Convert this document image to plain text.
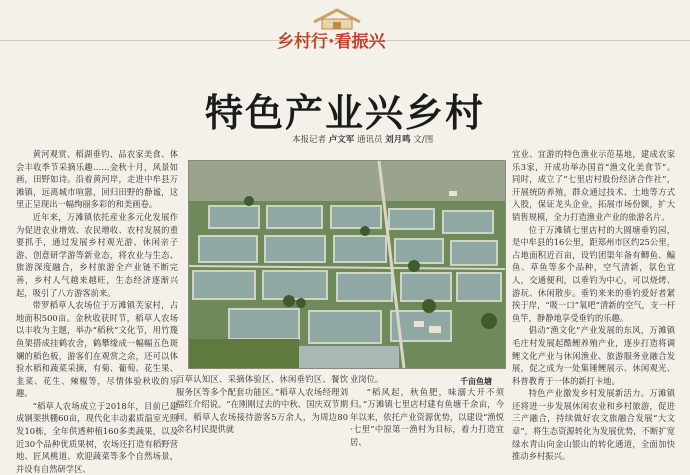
乡村行·看振兴
特色产业兴乡村
本报记者 卢文军 通讯员 刘月鸣 文/图

黄河观赏、稻湖垂钓、品农家美食、体会丰收季节采摘乐趣……金秋十月，风景如画，田野如诗。沿着黄河岸，走进中牟县万滩镇，远离城市喧嚣，回归田野的静谧，这里正呈现出一幅绚丽多彩的和美画卷。

近年来，万滩镇依托産业多元化发展作为促进农业增效、农民增收、农村发展的重要抓手，通过发展乡村观光游、休闲亲子游、创意研学游等新业态，将农业与生态、旅游深度融合，乡村旅游全产业链不断完善，乡村人气越来越旺，生态经济逐渐兴起，吸引了八方游客前来。

带罗稻草人农场位于万滩镇芙家村，占地面积500亩。金秋收获时节，稻草人农场以丰收为主题，举办“稻秋”文化节，用竹篾鱼架搭成挂鹤农舍，鹤攀缘成一幅幅五色斑斓的稻色板，游客们在观赏之余，还可以体验水稻和蔬菜采摘，有菊、葡萄、花生果、韭菜、花生、辣椒等，尽情体验秋收的乐趣。

“稻草人农场成立于2018年，目前已建成钢架拱棚60亩，现代化丰动素质温室光照发10栋，全年供透种植160多类蔬果，以及近30个品种优质果树，农场还打造有稻野营地、匠风桃道、欢迎蔬菜等多个自然场景，并设有自然研学区、

千亩鱼塘

百草认知区、采摘体验区、休闲垂钓区、餐饮服务区等多个配套功能区。”稻草人农场经理刘福红介绍说。“在刚刚过去的中秋、国庆双节期间，稻草人农场接待游客5万余人，为周边80余名村民提供就

业岗位。

“稻风起，秋鱼肥，味溺大开不须归。”万滩镇七里店村建有鱼塘千余亩，今年以来，依托产业资源优势，以建设“渔悦·七里”中原第一渔村为目标，着力打造宜居、

宜业、宜游的特色渔业示范基地，建成农家乐3家，开成功举办国首“渔文化美食节”。同时，成立了“七里店村股份经济合作社”，开展统防养殖，群众通过技术、土地等方式入股，保证龙头企业，拓展市场份额，扩大销售规模，全力打造渔业产业的旅游名片。

位于万滩镇七里店村的大圆塘垂钓园，是中牟县的16公里，距郑州市区约25公里，占地面积近百亩，设钓团渠年备有鲫鱼、鳊鱼、草鱼等多个品种，空气清新，氛色宜人，交通便利，以垂钓为中心，可以烧烤、游玩、休闲散步。垂钓来来的垂钓爱好者紧挨于岸，“吸一口”氧吧“清新的空气，支一杆鱼竿，静静地享受垂钓的乐趣。

倡动“渔文化”产业发展的东风，万滩镇毛庄村发展起酷鲤养殖产业，逐步打造将调鲤文化产业与休闲渔业、旅游服务业融合发展，促之成为一处集锤鲤展示、休闲观光、科普教育于一体的新打卡地。

特色产业激发乡村发展新活力。万滩镇还将进一步发展休闲农业和乡村旅游，促进三产融合，持续做好农文旅融合发展“大文章”，将生态资源转化为发展优势，不断扩宽绿水青山向金山银山的转化通道，全面加快推动乡村振兴。
